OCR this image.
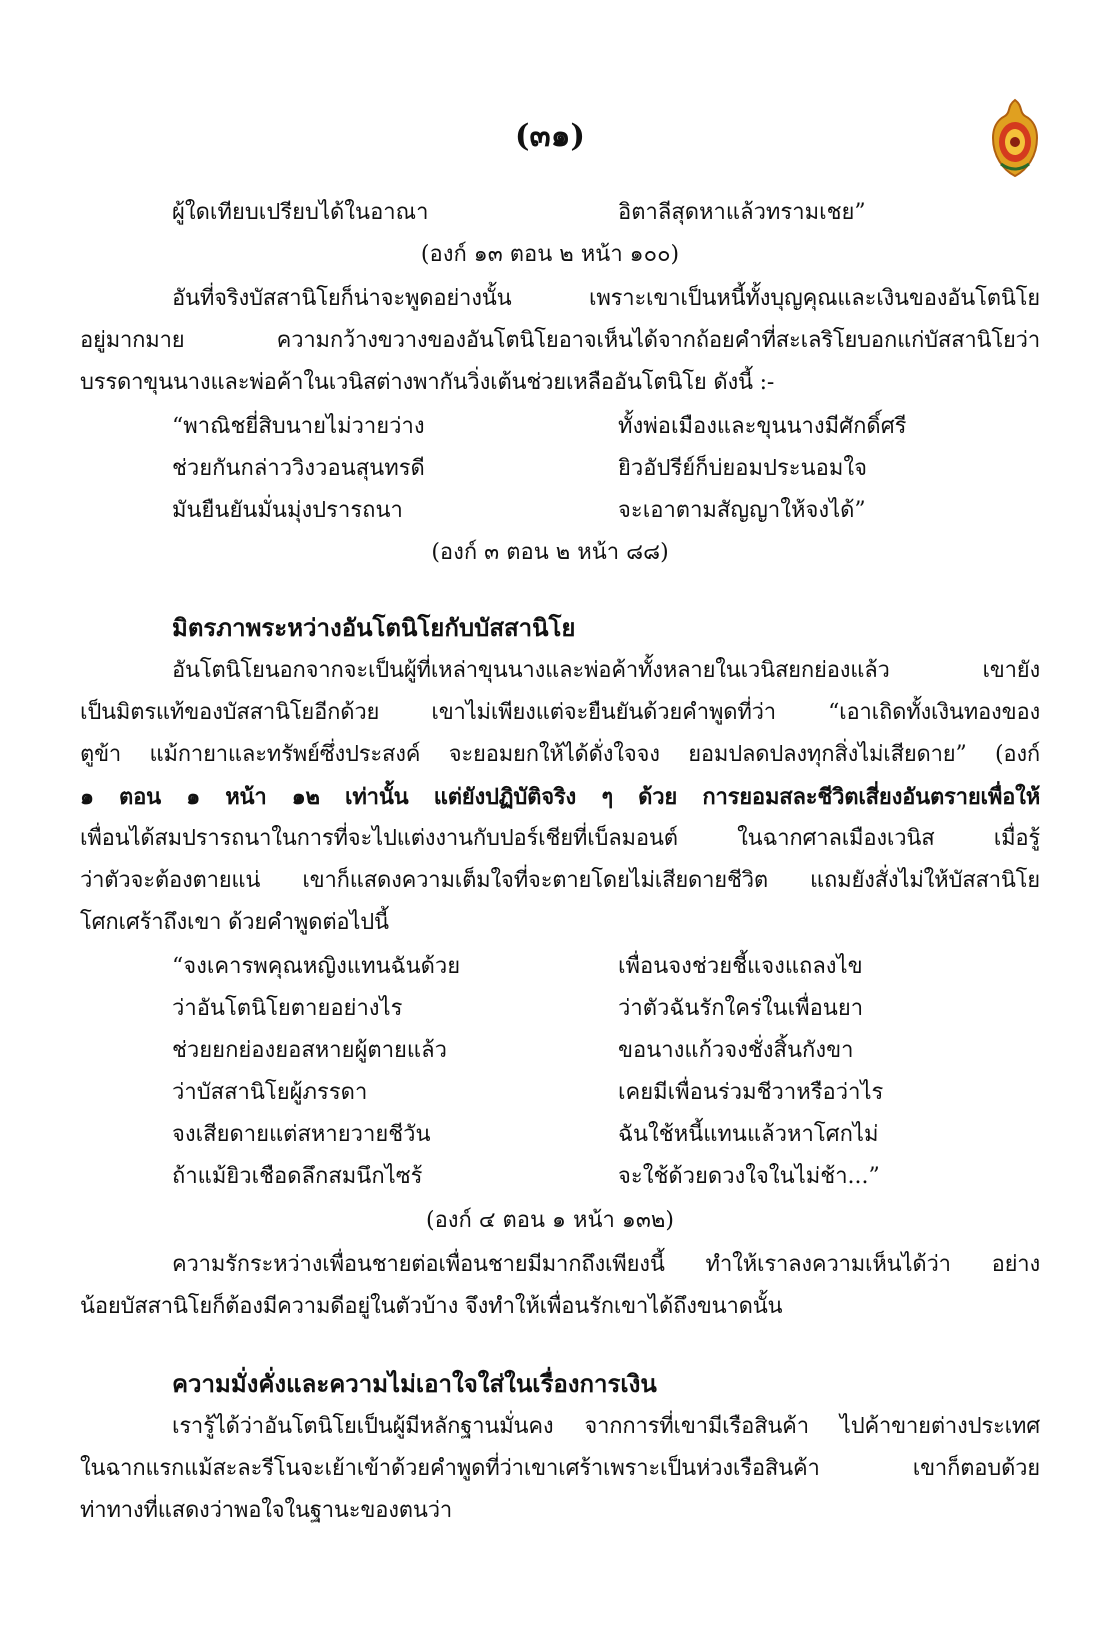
(๓๑)
ผู้ใดเทียบเปรียบได้ในอาณา	อิตาลีสุดหาแล้วทรามเชย”
(องก์ ๑๓ ตอน ๒ หน้า ๑๐๐)
อันที่จริงบัสสานิโยก็น่าจะพูดอย่างนั้น เพราะเขาเป็นหนี้ทั้งบุญคุณและเงินของอันโตนิโย
อยู่มากมาย ความกว้างขวางของอันโตนิโยอาจเห็นได้จากถ้อยคำที่สะเลริโยบอกแก่บัสสานิโยว่า
บรรดาขุนนางและพ่อค้าในเวนิสต่างพากันวิ่งเต้นช่วยเหลืออันโตนิโย ดังนี้ :-
“พาณิชยี่สิบนายไม่วายว่าง	ทั้งพ่อเมืองและขุนนางมีศักดิ์ศรี
ช่วยกันกล่าววิงวอนสุนทรดี	ยิวอัปรีย์ก็บ่ยอมประนอมใจ
มันยืนยันมั่นมุ่งปรารถนา	จะเอาตามสัญญาให้จงได้”
(องก์ ๓ ตอน ๒ หน้า ๘๘)
มิตรภาพระหว่างอันโตนิโยกับบัสสานิโย
อันโตนิโยนอกจากจะเป็นผู้ที่เหล่าขุนนางและพ่อค้าทั้งหลายในเวนิสยกย่องแล้ว เขายัง
เป็นมิตรแท้ของบัสสานิโยอีกด้วย เขาไม่เพียงแต่จะยืนยันด้วยคำพูดที่ว่า “เอาเถิดทั้งเงินทองของ
ตูข้า แม้กายาและทรัพย์ซึ่งประสงค์ จะยอมยกให้ได้ดั่งใจจง ยอมปลดปลงทุกสิ่งไม่เสียดาย” (องก์
๑ ตอน ๑ หน้า ๑๒ เท่านั้น แต่ยังปฏิบัติจริง ๆ ด้วย การยอมสละชีวิตเสี่ยงอันตรายเพื่อให้
เพื่อนได้สมปรารถนาในการที่จะไปแต่งงานกับปอร์เชียที่เบ็ลมอนต์ ในฉากศาลเมืองเวนิส เมื่อรู้
ว่าตัวจะต้องตายแน่ เขาก็แสดงความเต็มใจที่จะตายโดยไม่เสียดายชีวิต แถมยังสั่งไม่ให้บัสสานิโย
โศกเศร้าถึงเขา ด้วยคำพูดต่อไปนี้
“จงเคารพคุณหญิงแทนฉันด้วย	เพื่อนจงช่วยชี้แจงแถลงไข
ว่าอันโตนิโยตายอย่างไร	ว่าตัวฉันรักใคร่ในเพื่อนยา
ช่วยยกย่องยอสหายผู้ตายแล้ว	ขอนางแก้วจงชั่งสิ้นกังขา
ว่าบัสสานิโยผู้ภรรดา	เคยมีเพื่อนร่วมชีวาหรือว่าไร
จงเสียดายแต่สหายวายชีวัน	ฉันใช้หนี้แทนแล้วหาโศกไม่
ถ้าแม้ยิวเชือดลึกสมนึกไซร้	จะใช้ด้วยดวงใจในไม่ช้า...”
(องก์ ๔ ตอน ๑ หน้า ๑๓๒)
ความรักระหว่างเพื่อนชายต่อเพื่อนชายมีมากถึงเพียงนี้ ทำให้เราลงความเห็นได้ว่า อย่าง
น้อยบัสสานิโยก็ต้องมีความดีอยู่ในตัวบ้าง จึงทำให้เพื่อนรักเขาได้ถึงขนาดนั้น
ความมั่งคั่งและความไม่เอาใจใส่ในเรื่องการเงิน
เรารู้ได้ว่าอันโตนิโยเป็นผู้มีหลักฐานมั่นคง จากการที่เขามีเรือสินค้า ไปค้าขายต่างประเทศ
ในฉากแรกแม้สะละรีโนจะเย้าเข้าด้วยคำพูดที่ว่าเขาเศร้าเพราะเป็นห่วงเรือสินค้า เขาก็ตอบด้วย
ท่าทางที่แสดงว่าพอใจในฐานะของตนว่า
